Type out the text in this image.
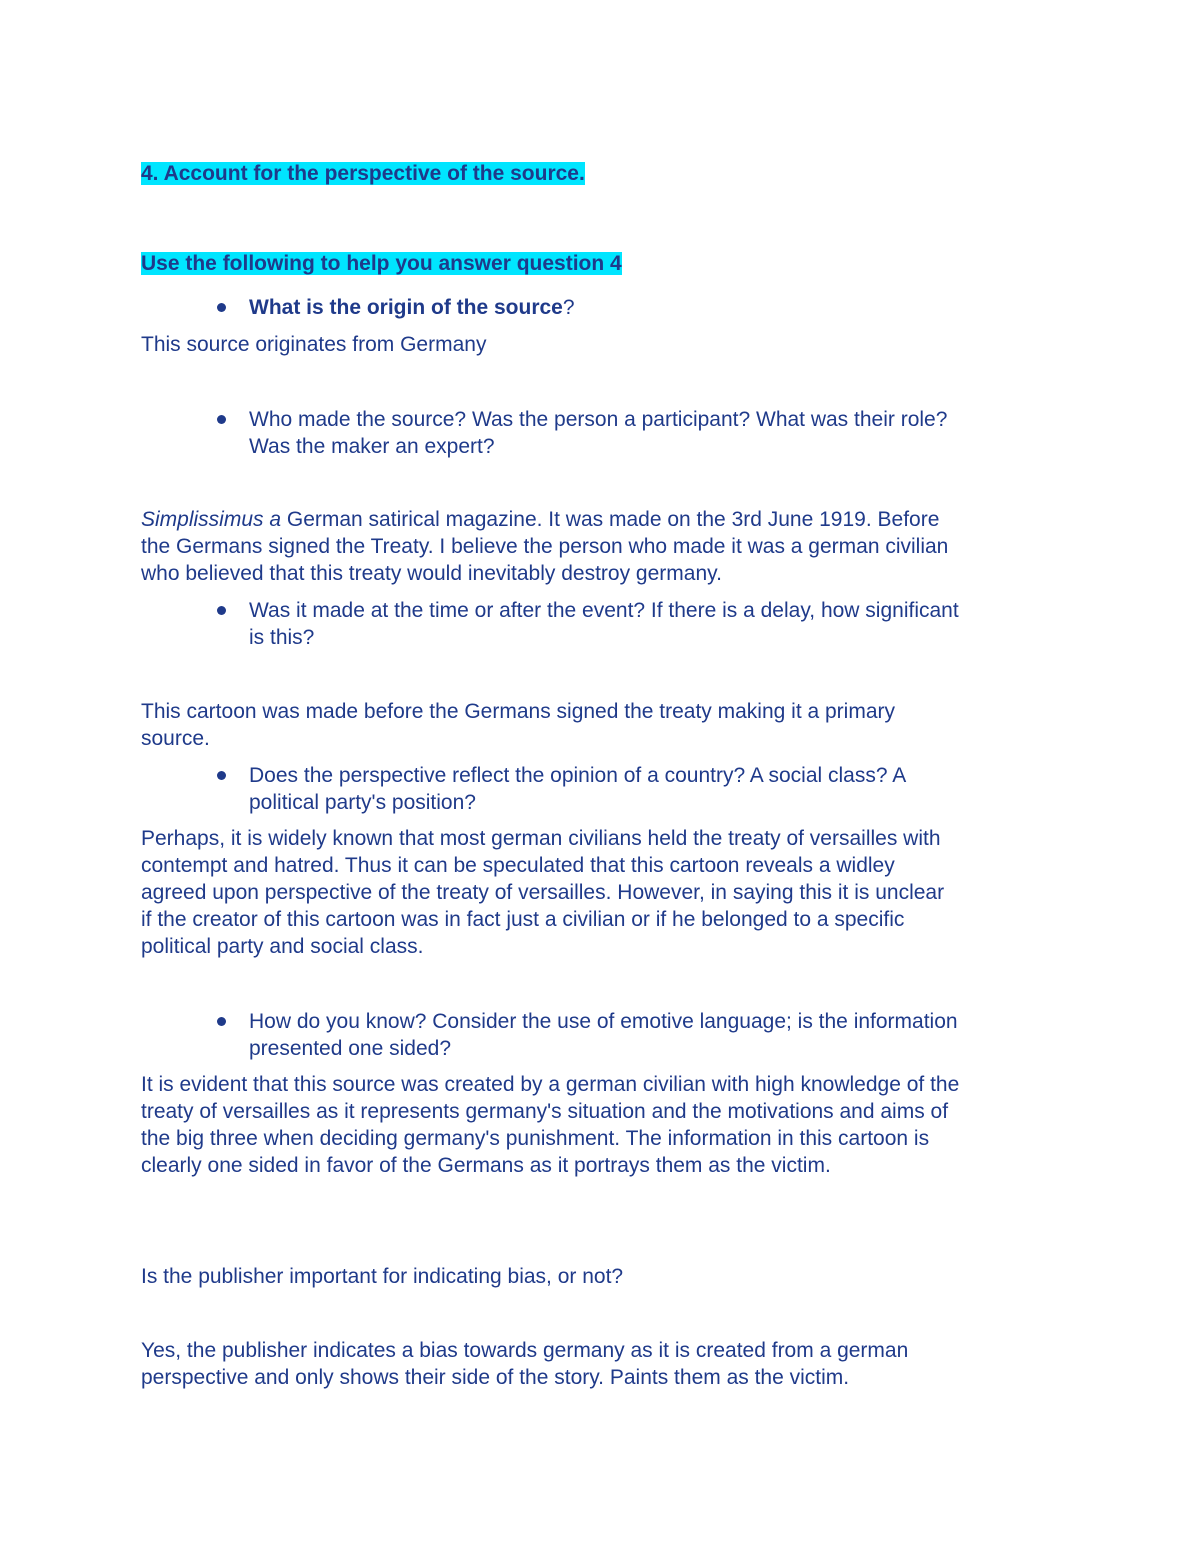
4. Account for the perspective of the source.
Use the following to help you answer question 4
What is the origin of the source?
This source originates from Germany
Who made the source? Was the person a participant? What was their role?
Was the maker an expert?
Simplissimus a German satirical magazine. It was made on the 3rd June 1919. Before
the Germans signed the Treaty. I believe the person who made it was a german civilian
who believed that this treaty would inevitably destroy germany.
Was it made at the time or after the event? If there is a delay, how significant
is this?
This cartoon was made before the Germans signed the treaty making it a primary
source.
Does the perspective reflect the opinion of a country? A social class? A
political party's position?
Perhaps, it is widely known that most german civilians held the treaty of versailles with
contempt and hatred. Thus it can be speculated that this cartoon reveals a widley
agreed upon perspective of the treaty of versailles. However, in saying this it is unclear
if the creator of this cartoon was in fact just a civilian or if he belonged to a specific
political party and social class.
How do you know? Consider the use of emotive language; is the information
presented one sided?
It is evident that this source was created by a german civilian with high knowledge of the
treaty of versailles as it represents germany's situation and the motivations and aims of
the big three when deciding germany's punishment. The information in this cartoon is
clearly one sided in favor of the Germans as it portrays them as the victim.
Is the publisher important for indicating bias, or not?
Yes, the publisher indicates a bias towards germany as it is created from a german
perspective and only shows their side of the story. Paints them as the victim.
